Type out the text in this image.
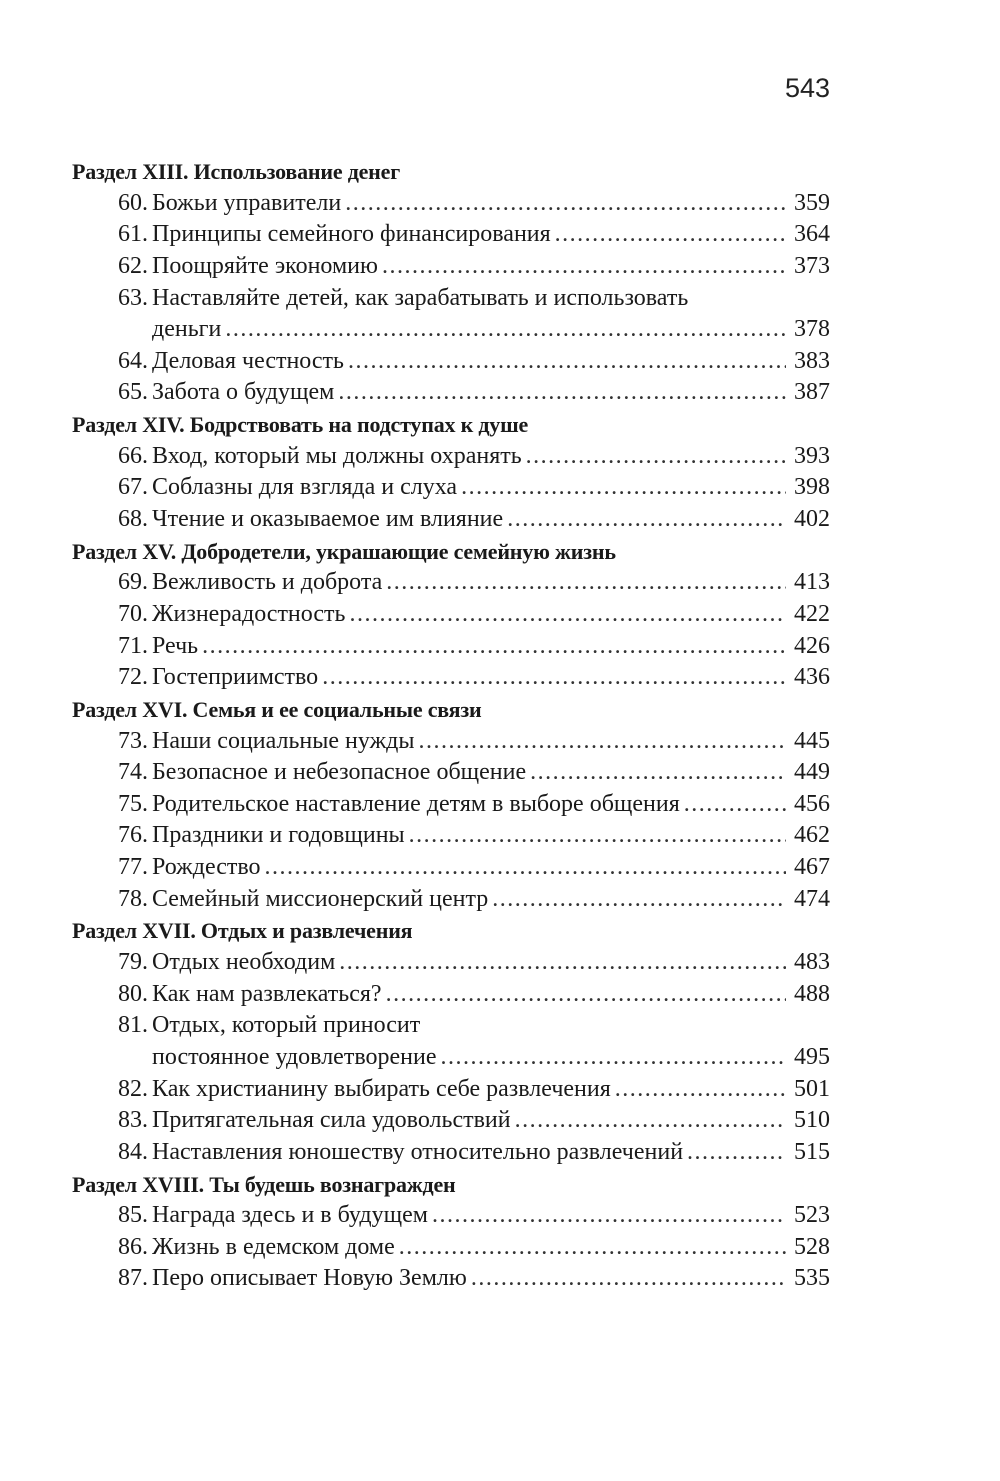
543
Раздел XIII. Использование денег
60. Божьи управители .....	359
61. Принципы семейного финансирования .....	364
62. Поощряйте экономию .....	373
63. Наставляйте детей, как зарабатывать и использовать
деньги .....	378
64. Деловая честность .....	383
65. Забота о будущем .....	387
Раздел XIV. Бодрствовать на подступах к душе
66. Вход, который мы должны охранять .....	393
67. Соблазны для взгляда и слуха .....	398
68. Чтение и оказываемое им влияние .....	402
Раздел XV. Добродетели, украшающие семейную жизнь
69. Вежливость и доброта .....	413
70. Жизнерадостность .....	422
71. Речь .....	426
72. Гостеприимство .....	436
Раздел XVI. Семья и ее социальные связи
73. Наши социальные нужды .....	445
74. Безопасное и небезопасное общение .....	449
75. Родительское наставление детям в выборе общения .....	456
76. Праздники и годовщины .....	462
77. Рождество .....	467
78. Семейный миссионерский центр .....	474
Раздел XVII. Отдых и развлечения
79. Отдых необходим .....	483
80. Как нам развлекаться? .....	488
81. Отдых, который приносит
постоянное удовлетворение .....	495
82. Как христианину выбирать себе развлечения .....	501
83. Притягательная сила удовольствий .....	510
84. Наставления юношеству относительно развлечений .....	515
Раздел XVIII. Ты будешь вознагражден
85. Награда здесь и в будущем .....	523
86. Жизнь в едемском доме .....	528
87. Перо описывает Новую Землю .....	535
